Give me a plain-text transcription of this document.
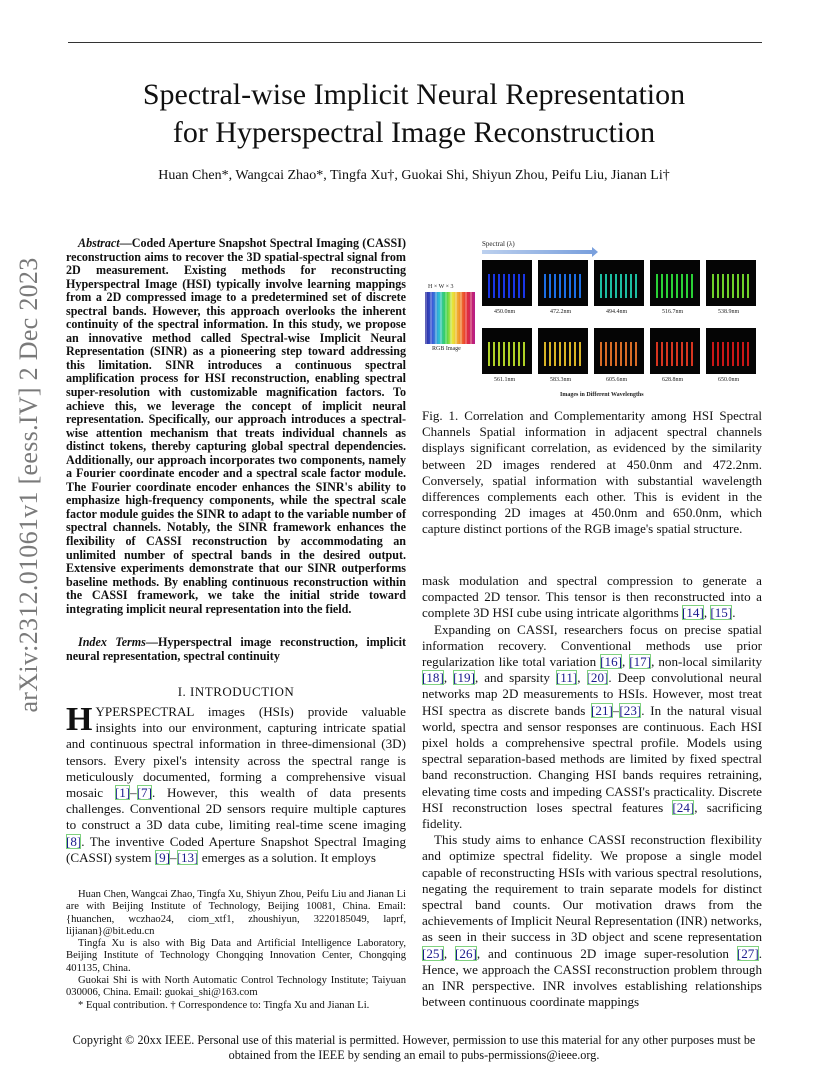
arXiv:2312.01061v1 [eess.IV] 2 Dec 2023
Spectral-wise Implicit Neural Representation
for Hyperspectral Image Reconstruction
Huan Chen*, Wangcai Zhao*, Tingfa Xu†, Guokai Shi, Shiyun Zhou, Peifu Liu, Jianan Li†

Abstract—Coded Aperture Snapshot Spectral Imaging (CASSI) reconstruction aims to recover the 3D spatial-spectral signal from 2D measurement. Existing methods for reconstructing Hyperspectral Image (HSI) typically involve learning mappings from a 2D compressed image to a predetermined set of discrete spectral bands. However, this approach overlooks the inherent continuity of the spectral information. In this study, we propose an innovative method called Spectral-wise Implicit Neural Representation (SINR) as a pioneering step toward addressing this limitation. SINR introduces a continuous spectral amplification process for HSI reconstruction, enabling spectral super-resolution with customizable magnification factors. To achieve this, we leverage the concept of implicit neural representation. Specifically, our approach introduces a spectral-wise attention mechanism that treats individual channels as distinct tokens, thereby capturing global spectral dependencies. Additionally, our approach incorporates two components, namely a Fourier coordinate encoder and a spectral scale factor module. The Fourier coordinate encoder enhances the SINR's ability to emphasize high-frequency components, while the spectral scale factor module guides the SINR to adapt to the variable number of spectral channels. Notably, the SINR framework enhances the flexibility of CASSI reconstruction by accommodating an unlimited number of spectral bands in the desired output. Extensive experiments demonstrate that our SINR outperforms baseline methods. By enabling continuous reconstruction within the CASSI framework, we take the initial stride toward integrating implicit neural representation into the field.

Index Terms—Hyperspectral image reconstruction, implicit neural representation, spectral continuity

I. INTRODUCTION

HYPERSPECTRAL images (HSIs) provide valuable insights into our environment, capturing intricate spatial and continuous spectral information in three-dimensional (3D) tensors. Every pixel's intensity across the spectral range is meticulously documented, forming a comprehensive visual mosaic [1]–[7]. However, this wealth of data presents challenges. Conventional 2D sensors require multiple captures to construct a 3D data cube, limiting real-time scene imaging [8]. The inventive Coded Aperture Snapshot Spectral Imaging (CASSI) system [9]–[13] emerges as a solution. It employs

Huan Chen, Wangcai Zhao, Tingfa Xu, Shiyun Zhou, Peifu Liu and Jianan Li are with Beijing Institute of Technology, Beijing 10081, China. Email: {huanchen, wczhao24, ciom_xtf1, zhoushiyun, 3220185049, laprf, lijianan}@bit.edu.cn

Tingfa Xu is also with Big Data and Artificial Intelligence Laboratory, Beijing Institute of Technology Chongqing Innovation Center, Chongqing 401135, China.

Guokai Shi is with North Automatic Control Technology Institute; Taiyuan 030006, China. Email: guokai_shi@163.com

* Equal contribution. † Correspondence to: Tingfa Xu and Jianan Li.

Spectral (λ)
H × W × 3
RGB Image
450.0nm	472.2nm	494.4nm	516.7nm	538.9nm
561.1nm	583.3nm	605.6nm	628.8nm	650.0nm
Images in Different Wavelengths
Fig. 1. Correlation and Complementarity among HSI Spectral Channels Spatial information in adjacent spectral channels displays significant correlation, as evidenced by the similarity between 2D images rendered at 450.0nm and 472.2nm. Conversely, spatial information with substantial wavelength differences complements each other. This is evident in the corresponding 2D images at 450.0nm and 650.0nm, which capture distinct portions of the RGB image's spatial structure.

mask modulation and spectral compression to generate a compacted 2D tensor. This tensor is then reconstructed into a complete 3D HSI cube using intricate algorithms [14], [15].

Expanding on CASSI, researchers focus on precise spatial information recovery. Conventional methods use prior regularization like total variation [16], [17], non-local similarity [18], [19], and sparsity [11], [20]. Deep convolutional neural networks map 2D measurements to HSIs. However, most treat HSI spectra as discrete bands [21]–[23]. In the natural visual world, spectra and sensor responses are continuous. Each HSI pixel holds a comprehensive spectral profile. Models using spectral separation-based methods are limited by fixed spectral band reconstruction. Changing HSI bands requires retraining, elevating time costs and impeding CASSI's practicality. Discrete HSI reconstruction loses spectral features [24], sacrificing fidelity.

This study aims to enhance CASSI reconstruction flexibility and optimize spectral fidelity. We propose a single model capable of reconstructing HSIs with various spectral resolutions, negating the requirement to train separate models for distinct spectral band counts. Our motivation draws from the achievements of Implicit Neural Representation (INR) networks, as seen in their success in 3D object and scene representation [25], [26], and continuous 2D image super-resolution [27]. Hence, we approach the CASSI reconstruction problem through an INR perspective. INR involves establishing relationships between continuous coordinate mappings

Copyright © 20xx IEEE. Personal use of this material is permitted. However, permission to use this material for any other purposes must be obtained from the IEEE by sending an email to pubs-permissions@ieee.org.
